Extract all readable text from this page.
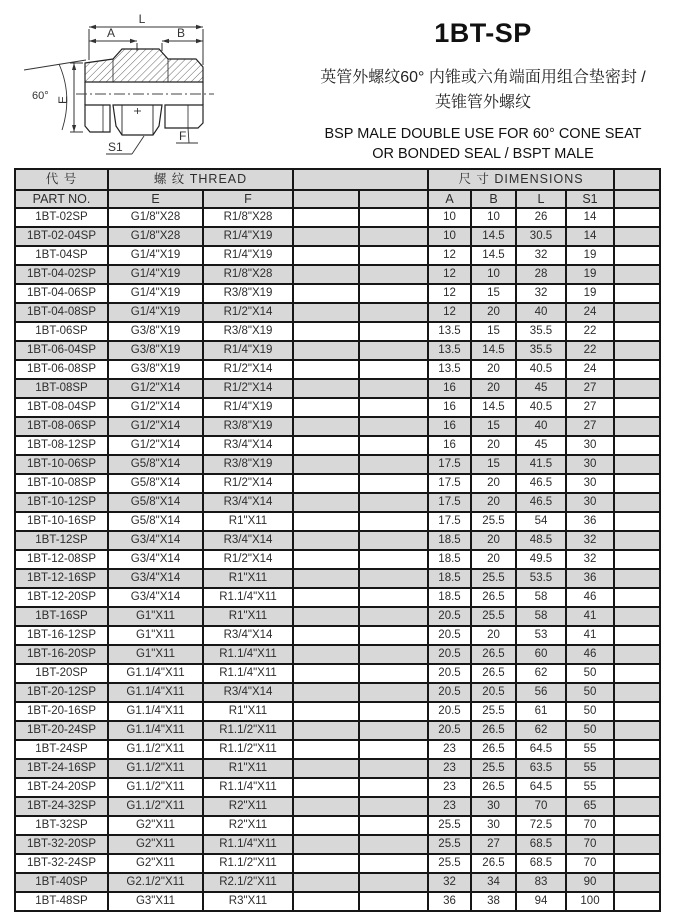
L
A	B
E
60°
S1
F
1BT-SP
英管外螺纹60° 内锥或六角端面用组合垫密封 /
英锥管外螺纹
BSP MALE DOUBLE USE FOR 60° CONE SEAT
OR BONDED SEAL / BSPT MALE
代 号	螺 纹 THREAD				尺 寸 DIMENSIONS				
PART NO.	E	F			A	B	L	S1	
1BT-02SP	G1/8"X28	R1/8"X28			10	10	26	14	
1BT-02-04SP	G1/8"X28	R1/4"X19			10	14.5	30.5	14	
1BT-04SP	G1/4"X19	R1/4"X19			12	14.5	32	19	
1BT-04-02SP	G1/4"X19	R1/8"X28			12	10	28	19	
1BT-04-06SP	G1/4"X19	R3/8"X19			12	15	32	19	
1BT-04-08SP	G1/4"X19	R1/2"X14			12	20	40	24	
1BT-06SP	G3/8"X19	R3/8"X19			13.5	15	35.5	22	
1BT-06-04SP	G3/8"X19	R1/4"X19			13.5	14.5	35.5	22	
1BT-06-08SP	G3/8"X19	R1/2"X14			13.5	20	40.5	24	
1BT-08SP	G1/2"X14	R1/2"X14			16	20	45	27	
1BT-08-04SP	G1/2"X14	R1/4"X19			16	14.5	40.5	27	
1BT-08-06SP	G1/2"X14	R3/8"X19			16	15	40	27	
1BT-08-12SP	G1/2"X14	R3/4"X14			16	20	45	30	
1BT-10-06SP	G5/8"X14	R3/8"X19			17.5	15	41.5	30	
1BT-10-08SP	G5/8"X14	R1/2"X14			17.5	20	46.5	30	
1BT-10-12SP	G5/8"X14	R3/4"X14			17.5	20	46.5	30	
1BT-10-16SP	G5/8"X14	R1"X11			17.5	25.5	54	36	
1BT-12SP	G3/4"X14	R3/4"X14			18.5	20	48.5	32	
1BT-12-08SP	G3/4"X14	R1/2"X14			18.5	20	49.5	32	
1BT-12-16SP	G3/4"X14	R1"X11			18.5	25.5	53.5	36	
1BT-12-20SP	G3/4"X14	R1.1/4"X11			18.5	26.5	58	46	
1BT-16SP	G1"X11	R1"X11			20.5	25.5	58	41	
1BT-16-12SP	G1"X11	R3/4"X14			20.5	20	53	41	
1BT-16-20SP	G1"X11	R1.1/4"X11			20.5	26.5	60	46	
1BT-20SP	G1.1/4"X11	R1.1/4"X11			20.5	26.5	62	50	
1BT-20-12SP	G1.1/4"X11	R3/4"X14			20.5	20.5	56	50	
1BT-20-16SP	G1.1/4"X11	R1"X11			20.5	25.5	61	50	
1BT-20-24SP	G1.1/4"X11	R1.1/2"X11			20.5	26.5	62	50	
1BT-24SP	G1.1/2"X11	R1.1/2"X11			23	26.5	64.5	55	
1BT-24-16SP	G1.1/2"X11	R1"X11			23	25.5	63.5	55	
1BT-24-20SP	G1.1/2"X11	R1.1/4"X11			23	26.5	64.5	55	
1BT-24-32SP	G1.1/2"X11	R2"X11			23	30	70	65	
1BT-32SP	G2"X11	R2"X11			25.5	30	72.5	70	
1BT-32-20SP	G2"X11	R1.1/4"X11			25.5	27	68.5	70	
1BT-32-24SP	G2"X11	R1.1/2"X11			25.5	26.5	68.5	70	
1BT-40SP	G2.1/2"X11	R2.1/2"X11			32	34	83	90	
1BT-48SP	G3"X11	R3"X11			36	38	94	100	
